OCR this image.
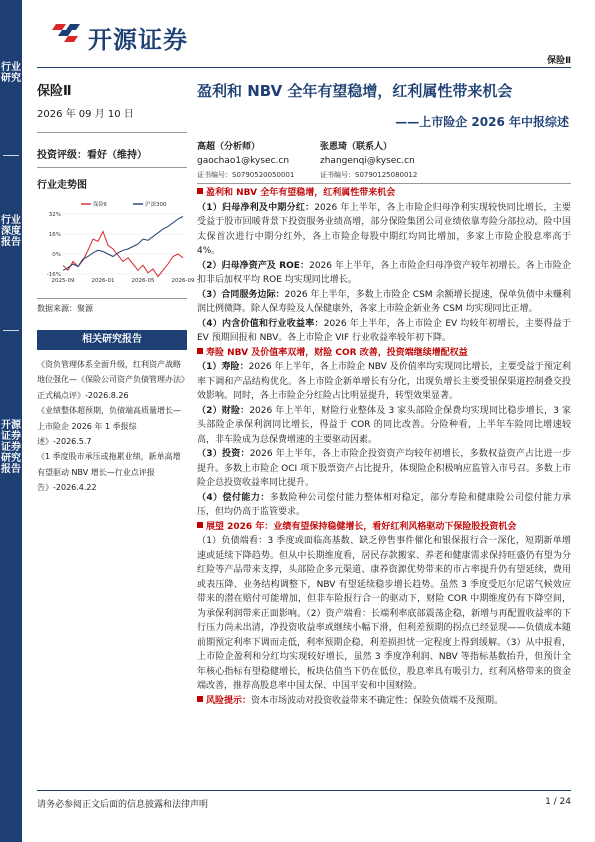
行业研究
行业深度报告
开源证券 证券研究报告
开源证券
保险Ⅱ
保险Ⅱ
2026 年 09 月 10 日
投资评级：看好（维持）
行业走势图
-16%
0%
16%
32%
2025-09	2026-01	2026-05	2026-09
保险Ⅱ	沪深300
数据来源：聚源
相关研究报告

《资负管理体系全面升级，红利资产战略地位强化—《保险公司资产负债管理办法》正式稿点评》-2026.8.26

《业绩整体超预期，负债端高质量增长—上市险企 2026 年 1 季报综述》-2026.5.7

《1 季度股市承压或拖累业绩，新单高增有望驱动 NBV 增长—行业点评报告》-2026.4.22

盈利和 NBV 全年有望稳增，红利属性带来机会
——上市险企 2026 年中报综述
高超（分析师）
gaochao1@kysec.cn
证书编号：S0790520050001
张恩琦（联系人）
zhangenqi@kysec.cn
证书编号：S0790125080012

盈利和 NBV 全年有望稳增，红利属性带来机会

（1）归母净利及中期分红：2026 年上半年，各上市险企归母净利实现较快同比增长，主要受益于股市回暖背景下投资服务业绩高增，部分保险集团公司业绩依靠寿险分部拉动。险中国太保首次进行中期分红外，各上市险企每股中期红均同比增加，多家上市险企股息率高于 4%。

（2）归母净资产及 ROE：2026 年上半年，各上市险企归母净资产较年初增长。各上市险企扣非后加权平均 ROE 均实现同比增长。

（3）合同服务边际：2026 年上半年，多数上市险企 CSM 余额增长提速，保单负债中未赚利润比例微降。除人保寿险及人保健康外，各家上市险企新业务 CSM 均实现同比正增。

（4）内含价值和行业收益率：2026 年上半年，各上市险企 EV 均较年初增长，主要得益于 EV 预期回报和 NBV。各上市险企 VIF 行业收益率较年初下降。

寿险 NBV 及价值率双增，财险 COR 改善，投资端继续增配权益

（1）寿险：2026 年上半年，各上市险企 NBV 及价值率均实现同比增长，主要受益于预定利率下调和产品结构优化。各上市险企新单增长有分化，出现负增长主要受银保渠道控制叠交投效影响。同时，各上市险企分红险占比明显提升，转型效果显著。

（2）财险：2026 年上半年，财险行业整体及 3 家头部险企保费均实现同比稳步增长，3 家头部险企承保利润同比增长，得益于 COR 的同比改善。分险种看，上半年车险同比增速较高，非车险成为总保费增速的主要驱动因素。

（3）投资：2026 年上半年，各上市险企投资资产均较年初增长，多数权益资产占比进一步提升。多数上市险企 OCI 项下股票资产占比提升，体现险企积极响应监管入市号召。多数上市险企总投资收益率同比提升。

（4）偿付能力：多数险种公司偿付能力整体相对稳定，部分寿险和健康险公司偿付能力承压，但均仍高于监管要求。

展望 2026 年：业绩有望保持稳健增长，看好红利风格驱动下保险股投资机会

（1）负债端看：3 季度或面临高基数、缺乏停售事件催化和银保报行合一深化，短期新单增速或延续下降趋势。但从中长期维度看，居民存款搬家、养老和健康需求保持旺盛仍有望为分红险等产品带来支撑，头部险企多元渠道、康养资源优势带来的市占率提升仍有望延续，费用或表压降、业务结构调整下，NBV 有望延续稳步增长趋势。虽然 3 季度受厄尔尼诺气候效应带来的潜在赔付可能增加，但非车险报行合一的驱动下，财险 COR 中期维度仍有下降空间，为承保利润带来正面影响。（2）资产端看：长端利率底部震荡企稳，新增与再配置收益率的下行压力尚未出清，净投资收益率或继续小幅下滑，但利差预期的拐点已经显现——负债成本随前期预定利率下调而走低，利率预期企稳，利差损担忧一定程度上得到缓解。（3）从中报看，上市险企盈利和分红均实现较好增长，虽然 3 季度净利润、NBV 等指标基数抬升，但预计全年核心指标有望稳健增长，板块估值当下仍在低位，股息率具有吸引力，红利风格带来的资金端改善，推荐高股息率中国太保、中国平安和中国财险。

风险提示：资本市场波动对投资收益带来不确定性；保险负债端不及预期。

请务必参阅正文后面的信息披露和法律声明	1 / 24
